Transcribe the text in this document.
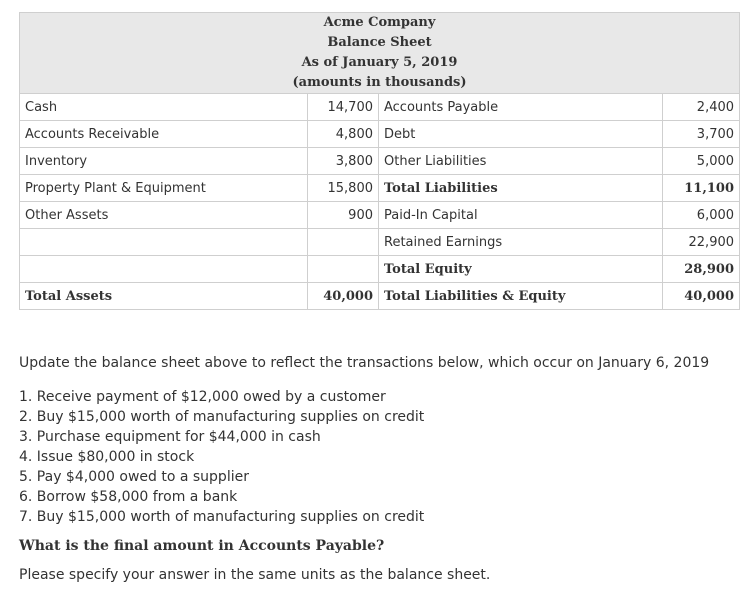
Acme Company
Balance Sheet
As of January 5, 2019
(amounts in thousands)			

Cash	14,700	Accounts Payable	2,400
Accounts Receivable	4,800	Debt	3,700
Inventory	3,800	Other Liabilities	5,000
Property Plant & Equipment	15,800	Total Liabilities	11,100
Other Assets	900	Paid-In Capital	6,000
		Retained Earnings	22,900
		Total Equity	28,900
Total Assets	40,000	Total Liabilities & Equity	40,000
Update the balance sheet above to reflect the transactions below, which occur on January 6, 2019
1. Receive payment of $12,000 owed by a customer
2. Buy $15,000 worth of manufacturing supplies on credit
3. Purchase equipment for $44,000 in cash
4. Issue $80,000 in stock
5. Pay $4,000 owed to a supplier
6. Borrow $58,000 from a bank
7. Buy $15,000 worth of manufacturing supplies on credit
What is the final amount in Accounts Payable?
Please specify your answer in the same units as the balance sheet.
